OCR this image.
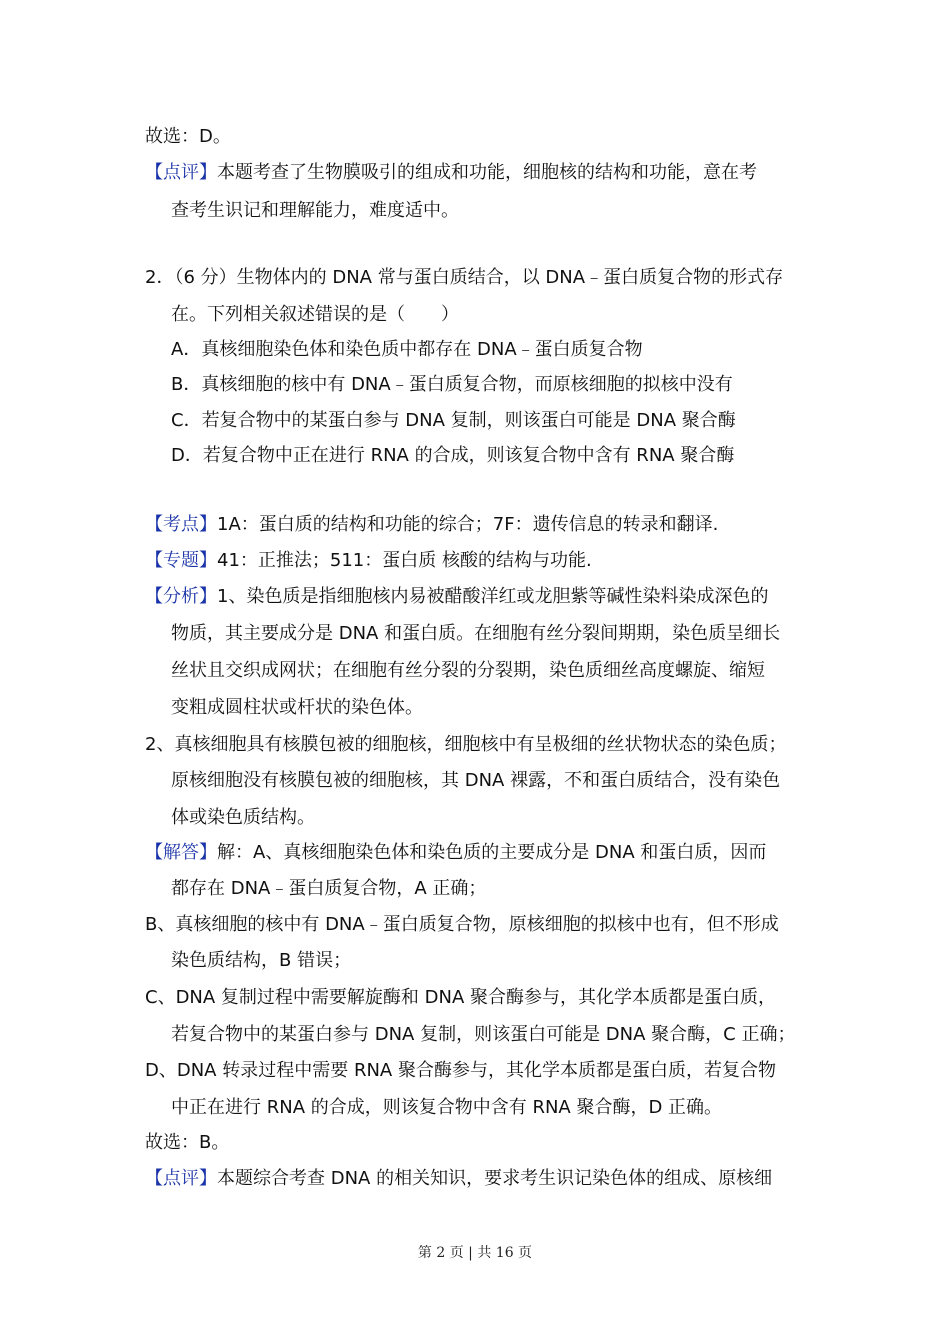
故选：D。
【点评】本题考查了生物膜吸引的组成和功能，细胞核的结构和功能，意在考
查考生识记和理解能力，难度适中。
2．（6 分）生物体内的 DNA 常与蛋白质结合，以 DNA﹣蛋白质复合物的形式存
在。下列相关叙述错误的是（　　）
A．真核细胞染色体和染色质中都存在 DNA﹣蛋白质复合物
B．真核细胞的核中有 DNA﹣蛋白质复合物，而原核细胞的拟核中没有
C．若复合物中的某蛋白参与 DNA 复制，则该蛋白可能是 DNA 聚合酶
D．若复合物中正在进行 RNA 的合成，则该复合物中含有 RNA 聚合酶
【考点】1A：蛋白质的结构和功能的综合；7F：遗传信息的转录和翻译.
【专题】41：正推法；511：蛋白质 核酸的结构与功能.
【分析】1、染色质是指细胞核内易被醋酸洋红或龙胆紫等碱性染料染成深色的
物质，其主要成分是 DNA 和蛋白质。在细胞有丝分裂间期期，染色质呈细长
丝状且交织成网状；在细胞有丝分裂的分裂期，染色质细丝高度螺旋、缩短
变粗成圆柱状或杆状的染色体。
2、真核细胞具有核膜包被的细胞核，细胞核中有呈极细的丝状物状态的染色质；
原核细胞没有核膜包被的细胞核，其 DNA 裸露，不和蛋白质结合，没有染色
体或染色质结构。
【解答】解：A、真核细胞染色体和染色质的主要成分是 DNA 和蛋白质，因而
都存在 DNA﹣蛋白质复合物，A 正确；
B、真核细胞的核中有 DNA﹣蛋白质复合物，原核细胞的拟核中也有，但不形成
染色质结构，B 错误；
C、DNA 复制过程中需要解旋酶和 DNA 聚合酶参与，其化学本质都是蛋白质，
若复合物中的某蛋白参与 DNA 复制，则该蛋白可能是 DNA 聚合酶，C 正确；
D、DNA 转录过程中需要 RNA 聚合酶参与，其化学本质都是蛋白质，若复合物
中正在进行 RNA 的合成，则该复合物中含有 RNA 聚合酶，D 正确。
故选：B。
【点评】本题综合考查 DNA 的相关知识，要求考生识记染色体的组成、原核细
第 2 页 | 共 16 页
